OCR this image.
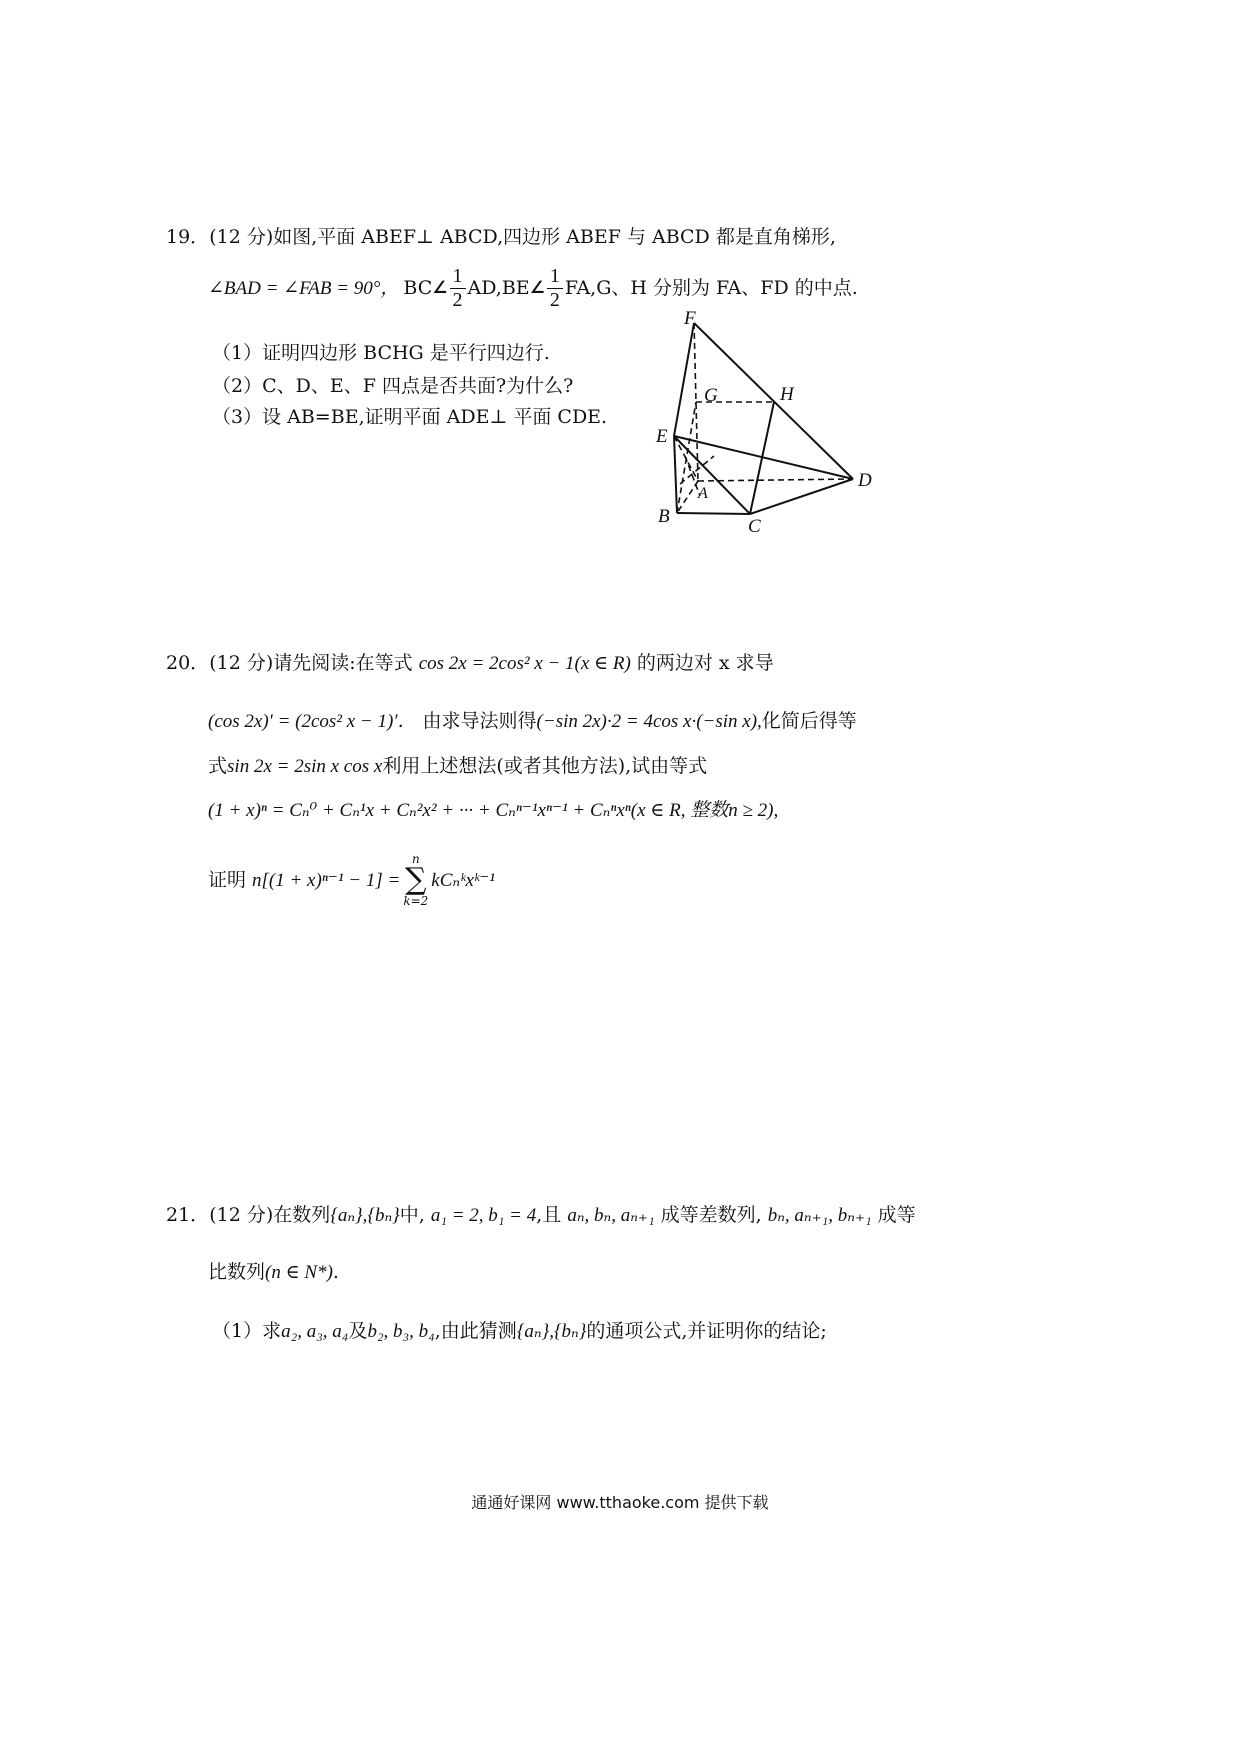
19．(12 分)如图,平面 ABEF⊥ ABCD,四边形 ABEF 与 ABCD 都是直角梯形,
∠BAD = ∠FAB = 90°， BC ∠ $\frac{1}{2} AD,BE$ ∠ $\frac{1}{2} FA,G$、H 分别为 FA、FD 的中点.
（1）证明四边形 BCHG 是平行四边行.
（2）C、D、E、F 四点是否共面?为什么?
（3）设 AB=BE,证明平面 ADE⊥ 平面 CDE.
F
G	H
E
A
D
B	C
20．(12 分)请先阅读:在等式 cos 2x = 2cos² x − 1(x ∈ R) 的两边对 x 求导
(cos 2x)′ = (2cos² x − 1)′． 由求导法则得(−sin 2x)·2 = 4cos x·(−sin x),化简后得等
式sin 2x = 2sin x cos x利用上述想法(或者其他方法),试由等式
(1 + x)ⁿ = Cₙ⁰ + Cₙ¹x + Cₙ²x² + ··· + Cₙⁿ⁻¹xⁿ⁻¹ + Cₙⁿxⁿ(x ∈ R, 整数n ≥ 2),
证明 n[(1 + x)ⁿ⁻¹ − 1] =
n
∑
k=2
kCₙᵏxᵏ⁻¹
21．(12 分)在数列{aₙ},{bₙ}中, a₁ = 2, b₁ = 4,且 aₙ, bₙ, aₙ₊₁ 成等差数列, bₙ, aₙ₊₁, bₙ₊₁ 成等
比数列(n ∈ N*).
（1）求a₂, a₃, a₄及b₂, b₃, b₄,由此猜测{aₙ},{bₙ}的通项公式,并证明你的结论;
通通好课网 www.tthaoke.com 提供下载
